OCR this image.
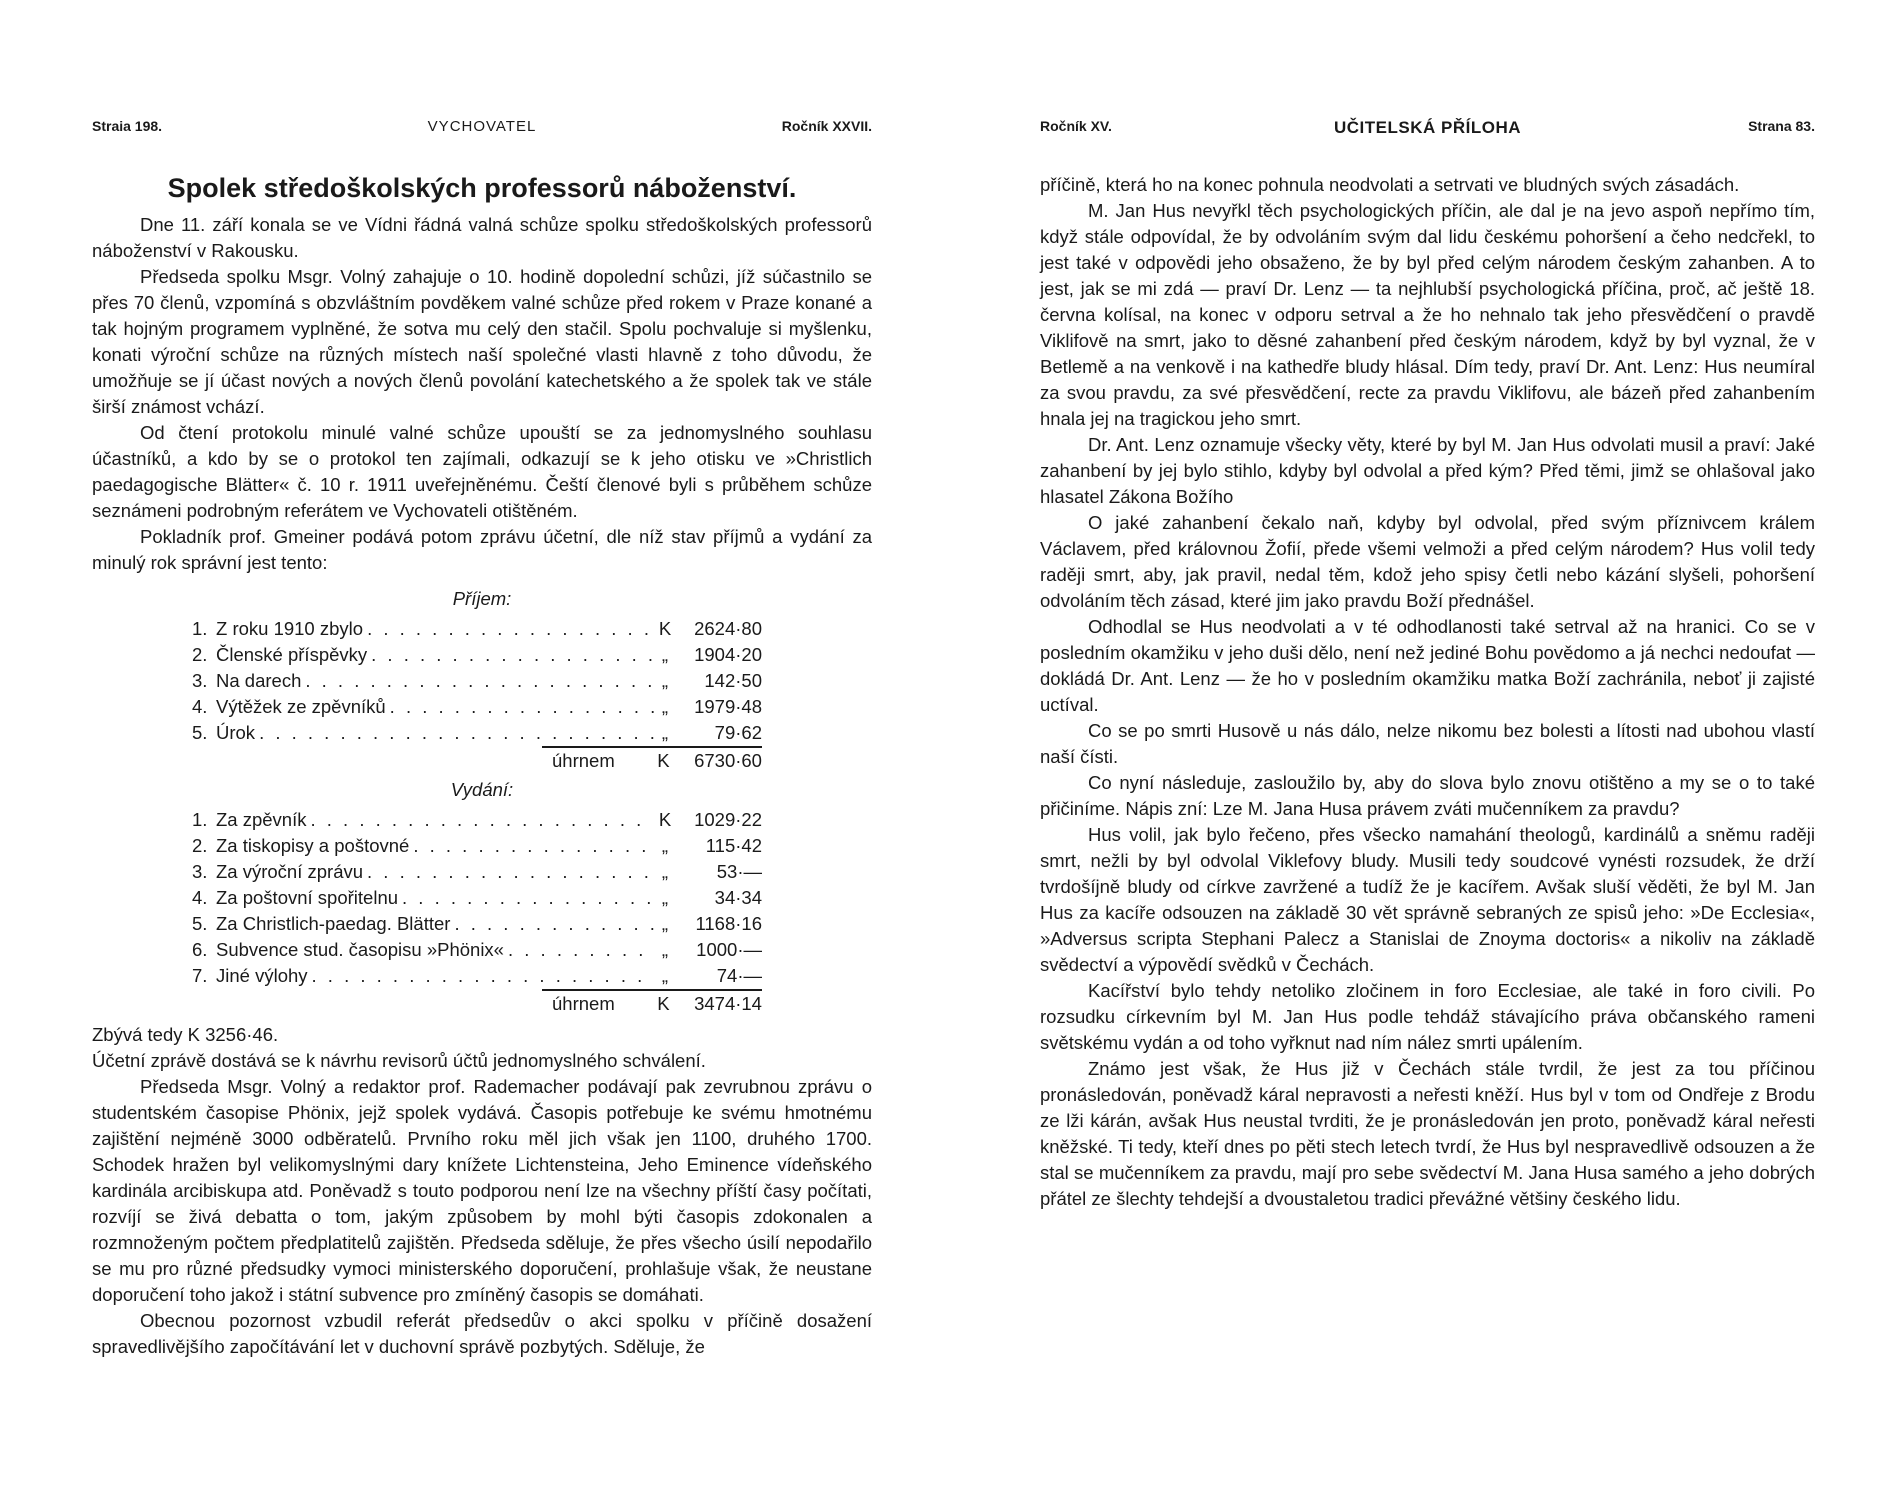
Straia 198.	VYCHOVATEL	Ročník XXVII.
Spolek středoškolských professorů náboženství.

Dne 11. září konala se ve Vídni řádná valná schůze spolku středoškolských professorů náboženství v Rakousku.

Předseda spolku Msgr. Volný zahajuje o 10. hodině dopolední schůzi, jíž súčastnilo se přes 70 členů, vzpomíná s obzvláštním povděkem valné schůze před rokem v Praze konané a tak hojným programem vyplněné, že sotva mu celý den stačil. Spolu pochvaluje si myšlenku, konati výroční schůze na různých místech naší společné vlasti hlavně z toho důvodu, že umožňuje se jí účast nových a nových členů povolání katechetského a že spolek tak ve stále širší známost vchází.

Od čtení protokolu minulé valné schůze upouští se za jednomyslného souhlasu účastníků, a kdo by se o protokol ten zajímali, odkazují se k jeho otisku ve »Christlich paedagogische Blätter« č. 10 r. 1911 uveřejněnému. Čeští členové byli s průběhem schůze seznámeni podrobným referátem ve Vychovateli otištěném.

Pokladník prof. Gmeiner podává potom zprávu účetní, dle níž stav příjmů a vydání za minulý rok správní jest tento:

Příjem:
1. Z roku 1910 zbylo . . .	K	2624·80
2. Členské příspěvky . . .	„	1904·20
3. Na darech . . .	„	142·50
4. Výtěžek ze zpěvníků . . .	„	1979·48
5. Úrok . . .	„	79·62
úhrnem K 6730·60
Vydání:
1. Za zpěvník . . .	K	1029·22
2. Za tiskopisy a poštovné . . .	„	115·42
3. Za výroční zprávu . . .	„	53·—
4. Za poštovní spořitelnu . . .	„	34·34
5. Za Christlich-paedag. Blätter . . .	„	1168·16
6. Subvence stud. časopisu »Phönix« . . .	„	1000·—
7. Jiné výlohy . . .	„	74·—
úhrnem K 3474·14

Zbývá tedy K 3256·46.

Účetní zprávě dostává se k návrhu revisorů účtů jednomyslného schválení.

Předseda Msgr. Volný a redaktor prof. Rademacher podávají pak zevrubnou zprávu o studentském časopise Phönix, jejž spolek vydává. Časopis potřebuje ke svému hmotnému zajištění nejméně 3000 odběratelů. Prvního roku měl jich však jen 1100, druhého 1700. Schodek hražen byl velikomyslnými dary knížete Lichtensteina, Jeho Eminence vídeňského kardinála arcibiskupa atd. Poněvadž s touto podporou není lze na všechny příští časy počítati, rozvíjí se živá debatta o tom, jakým způsobem by mohl býti časopis zdokonalen a rozmnoženým počtem předplatitelů zajištěn. Předseda sděluje, že přes všecho úsilí nepodařilo se mu pro různé předsudky vymoci ministerského doporučení, prohlašuje však, že neustane doporučení toho jakož i státní subvence pro zmíněný časopis se domáhati.

Obecnou pozornost vzbudil referát předsedův o akci spolku v příčině dosažení spravedlivějšího započítávání let v duchovní správě pozbytých. Sděluje, že

Ročník XV.	UČITELSKÁ PŘÍLOHA	Strana 83.

příčině, která ho na konec pohnula neodvolati a setrvati ve bludných svých zásadách.

M. Jan Hus nevyřkl těch psychologických příčin, ale dal je na jevo aspoň nepřímo tím, když stále odpovídal, že by odvoláním svým dal lidu českému pohoršení a čeho nedcřekl, to jest také v odpovědi jeho obsaženo, že by byl před celým národem českým zahanben. A to jest, jak se mi zdá — praví Dr. Lenz — ta nejhlubší psychologická příčina, proč, ač ještě 18. června kolísal, na konec v odporu setrval a že ho nehnalo tak jeho přesvědčení o pravdě Viklifově na smrt, jako to děsné zahanbení před českým národem, když by byl vyznal, že v Betlemě a na venkově i na kathedře bludy hlásal. Dím tedy, praví Dr. Ant. Lenz: Hus neumíral za svou pravdu, za své přesvědčení, recte za pravdu Viklifovu, ale bázeň před zahanbením hnala jej na tragickou jeho smrt.

Dr. Ant. Lenz oznamuje všecky věty, které by byl M. Jan Hus odvolati musil a praví: Jaké zahanbení by jej bylo stihlo, kdyby byl odvolal a před kým? Před těmi, jimž se ohlašoval jako hlasatel Zákona Božího

O jaké zahanbení čekalo naň, kdyby byl odvolal, před svým příznivcem králem Václavem, před královnou Žofií, přede všemi velmoži a před celým národem? Hus volil tedy raději smrt, aby, jak pravil, nedal těm, kdož jeho spisy četli nebo kázání slyšeli, pohoršení odvoláním těch zásad, které jim jako pravdu Boží přednášel.

Odhodlal se Hus neodvolati a v té odhodlanosti také setrval až na hranici. Co se v posledním okamžiku v jeho duši dělo, není než jediné Bohu povědomo a já nechci nedoufat — dokládá Dr. Ant. Lenz — že ho v posledním okamžiku matka Boží zachránila, neboť ji zajisté uctíval.

Co se po smrti Husově u nás dálo, nelze nikomu bez bolesti a lítosti nad ubohou vlastí naší čísti.

Co nyní následuje, zasloužilo by, aby do slova bylo znovu otištěno a my se o to také přičiníme. Nápis zní: Lze M. Jana Husa právem zváti mučenníkem za pravdu?

Hus volil, jak bylo řečeno, přes všecko namahání theologů, kardinálů a sněmu raději smrt, nežli by byl odvolal Viklefovy bludy. Musili tedy soudcové vynésti rozsudek, že drží tvrdošíjně bludy od církve zavržené a tudíž že je kacířem. Avšak sluší věděti, že byl M. Jan Hus za kacíře odsouzen na základě 30 vět správně sebraných ze spisů jeho: »De Ecclesia«, »Adversus scripta Stephani Palecz a Stanislai de Znoyma doctoris« a nikoliv na základě svědectví a výpovědí svědků v Čechách.

Kacířství bylo tehdy netoliko zločinem in foro Ecclesiae, ale také in foro civili. Po rozsudku církevním byl M. Jan Hus podle tehdáž stávajícího práva občanského rameni světskému vydán a od toho vyřknut nad ním nález smrti upálením.

Známo jest však, že Hus již v Čechách stále tvrdil, že jest za tou příčinou pronásledován, poněvadž káral nepravosti a neřesti kněží. Hus byl v tom od Ondřeje z Brodu ze lži kárán, avšak Hus neustal tvrditi, že je pronásledován jen proto, poněvadž káral neřesti kněžské. Ti tedy, kteří dnes po pěti stech letech tvrdí, že Hus byl nespravedlivě odsouzen a že stal se mučenníkem za pravdu, mají pro sebe svědectví M. Jana Husa samého a jeho dobrých přátel ze šlechty tehdejší a dvoustaletou tradici převážné většiny českého lidu.
